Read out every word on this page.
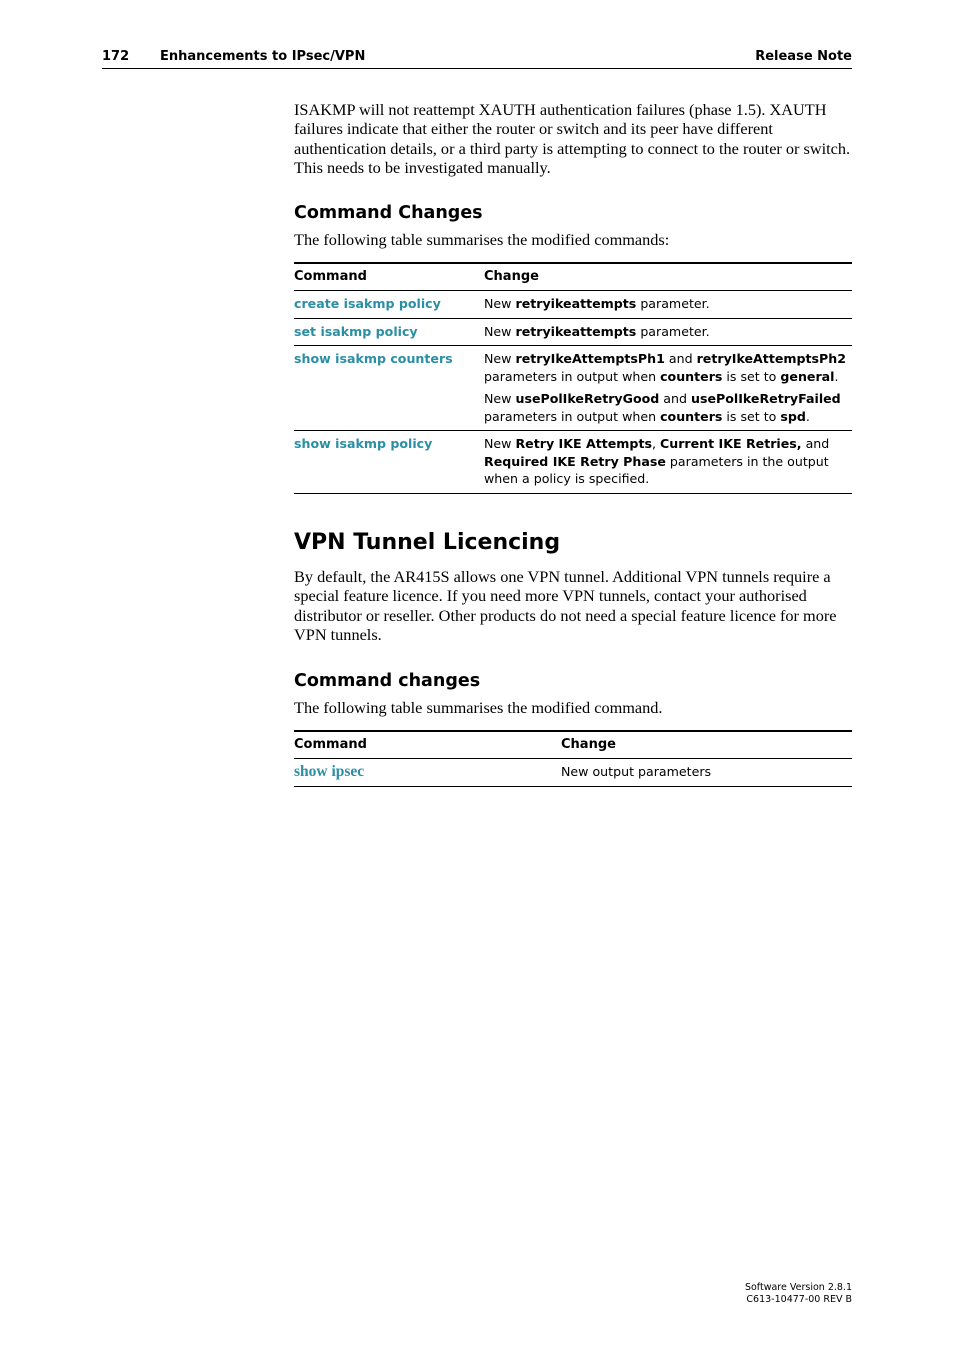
172 Enhancements to IPsec/VPN	Release Note

ISAKMP will not reattempt XAUTH authentication failures (phase 1.5). XAUTH failures indicate that either the router or switch and its peer have different authentication details, or a third party is attempting to connect to the router or switch. This needs to be investigated manually.

Command Changes

The following table summarises the modified commands:

Command	Change
create isakmp policy	New retryikeattempts parameter.
set isakmp policy	New retryikeattempts parameter.
show isakmp counters	New retryIkeAttemptsPh1 and retryIkeAttemptsPh2 parameters in output when counters is set to general.
New usePolIkeRetryGood and usePolIkeRetryFailed parameters in output when counters is set to spd.

show isakmp policy	New Retry IKE Attempts, Current IKE Retries, and Required IKE Retry Phase parameters in the output when a policy is specified.
VPN Tunnel Licencing

By default, the AR415S allows one VPN tunnel. Additional VPN tunnels require a special feature licence. If you need more VPN tunnels, contact your authorised distributor or reseller. Other products do not need a special feature licence for more VPN tunnels.

Command changes

The following table summarises the modified command.

Command	Change
show ipsec	New output parameters
Software Version 2.8.1
C613-10477-00 REV B
